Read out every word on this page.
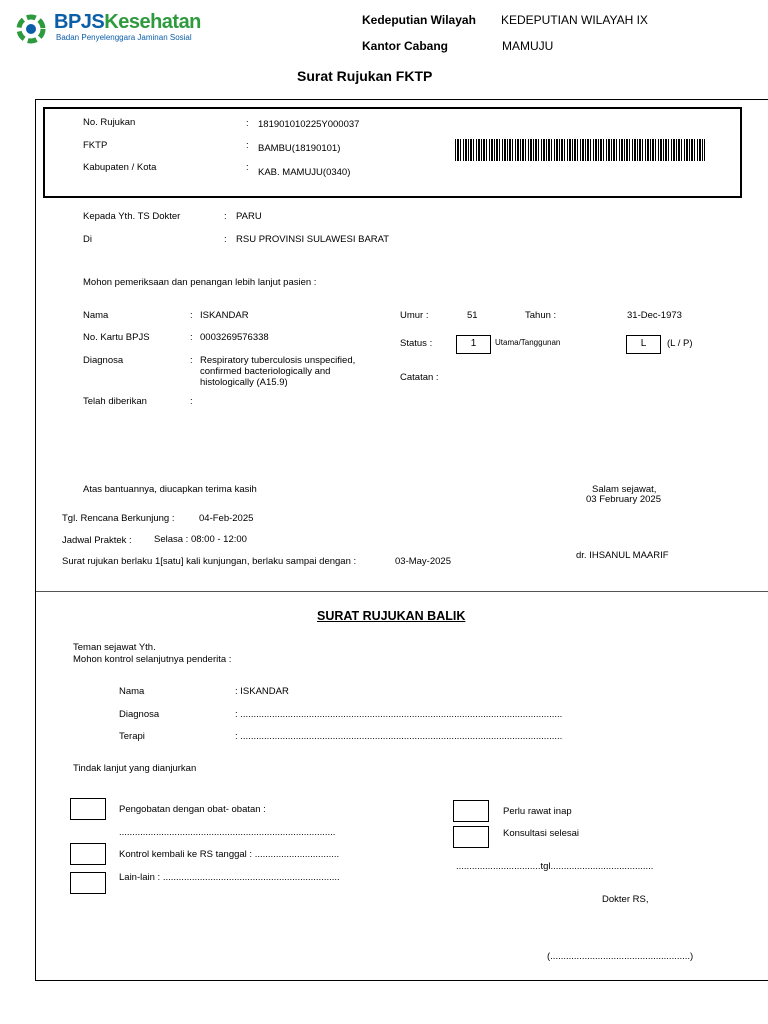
BPJSKesehatan
Badan Penyelenggara Jaminan Sosial
Kedeputian Wilayah KEDEPUTIAN WILAYAH IX
Kantor Cabang	MAMUJU
Surat Rujukan FKTP
No. Rujukan	: 181901010225Y000037
FKTP	: BAMBU(18190101)
Kabupaten / Kota	: KAB. MAMUJU(0340)
Kepada Yth. TS Dokter	: PARU
Di	: RSU PROVINSI SULAWESI BARAT
Mohon pemeriksaan dan penangan lebih lanjut pasien :
Nama	: ISKANDAR
No. Kartu BPJS	: 0003269576338
Diagnosa	: Respiratory tuberculosis unspecified, confirmed bacteriologically and histologically (A15.9)
Telah diberikan	:
Umur :	51	Tahun :	31-Dec-1973
Status :	1	Utama/Tanggunan	L	(L / P)
Catatan :
Atas bantuannya, diucapkan terima kasih	Salam sejawat,
03 February 2025
Tgl. Rencana Berkunjung :	04-Feb-2025
Jadwal Praktek : Selasa : 08:00 - 12:00
Surat rujukan berlaku 1[satu] kali kunjungan, berlaku sampai dengan :	03-May-2025
dr. IHSANUL MAARIF
SURAT RUJUKAN BALIK
Teman sejawat Yth.
Mohon kontrol selanjutnya penderita :
Nama	: ISKANDAR
Diagnosa	: ..........................................................................................................................
Terapi	: ..........................................................................................................................
Tindak lanjut yang dianjurkan
Pengobatan dengan obat- obatan :
..................................................................................
Kontrol kembali ke RS tanggal : ................................
Lain-lain : ...................................................................
Perlu rawat inap
Konsultasi selesai
................................tgl.......................................
Dokter RS,
(.....................................................)
